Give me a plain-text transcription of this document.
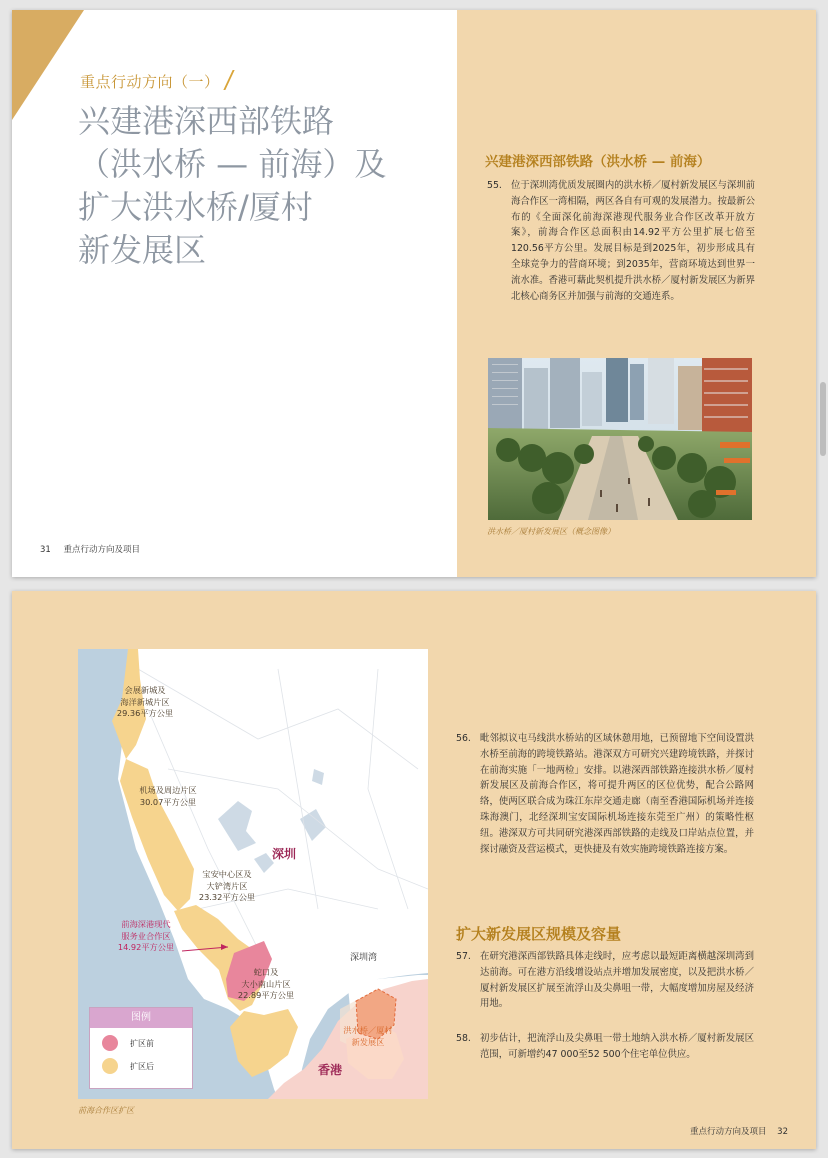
重点行动方向（一）
兴建港深西部铁路
（洪水桥 — 前海）及
扩大洪水桥/厦村
新发展区
31 重点行动方向及项目
兴建港深西部铁路（洪水桥 — 前海）
55. 位于深圳湾优质发展圈内的洪水桥／厦村新发展区与深圳前海合作区一湾相隔，两区各自有可观的发展潜力。按最新公布的《全面深化前海深港现代服务业合作区改革开放方案》，前海合作区总面积由14.92平方公里扩展七倍至120.56平方公里。发展目标是到2025年，初步形成具有全球竞争力的营商环境；到2035年，营商环境达到世界一流水准。香港可藉此契机提升洪水桥／厦村新发展区为新界北核心商务区并加强与前海的交通连系。
洪水桥／厦村新发展区（概念图像）
会展新城及
海洋新城片区
29.36平方公里
机场及周边片区
30.07平方公里
宝安中心区及
大铲湾片区
23.32平方公里
前海深港现代
服务业合作区
14.92平方公里
蛇口及
大小南山片区
22.89平方公里
洪水桥／厦村
新发展区
深圳
深圳湾
香港
图例
扩区前
扩区后
前海合作区扩区
56. 毗邻拟议屯马线洪水桥站的区域休憩用地，已预留地下空间设置洪水桥至前海的跨境铁路站。港深双方可研究兴建跨境铁路，并探讨在前海实施「一地两检」安排。以港深西部铁路连接洪水桥／厦村新发展区及前海合作区，将可提升两区的区位优势，配合公路网络，使两区联合成为珠江东岸交通走廊（南至香港国际机场并连接珠海澳门，北经深圳宝安国际机场连接东莞至广州）的策略性枢纽。港深双方可共同研究港深西部铁路的走线及口岸站点位置，并探讨融资及营运模式，更快捷及有效实施跨境铁路连接方案。
扩大新发展区规模及容量
57. 在研究港深西部铁路具体走线时，应考虑以最短距离横越深圳湾到达前海。可在港方沿线增设站点并增加发展密度，以及把洪水桥／厦村新发展区扩展至流浮山及尖鼻咀一带，大幅度增加房屋及经济用地。
58. 初步估计，把流浮山及尖鼻咀一带土地纳入洪水桥／厦村新发展区范围，可新增约47 000至52 500个住宅单位供应。
重点行动方向及项目 32
